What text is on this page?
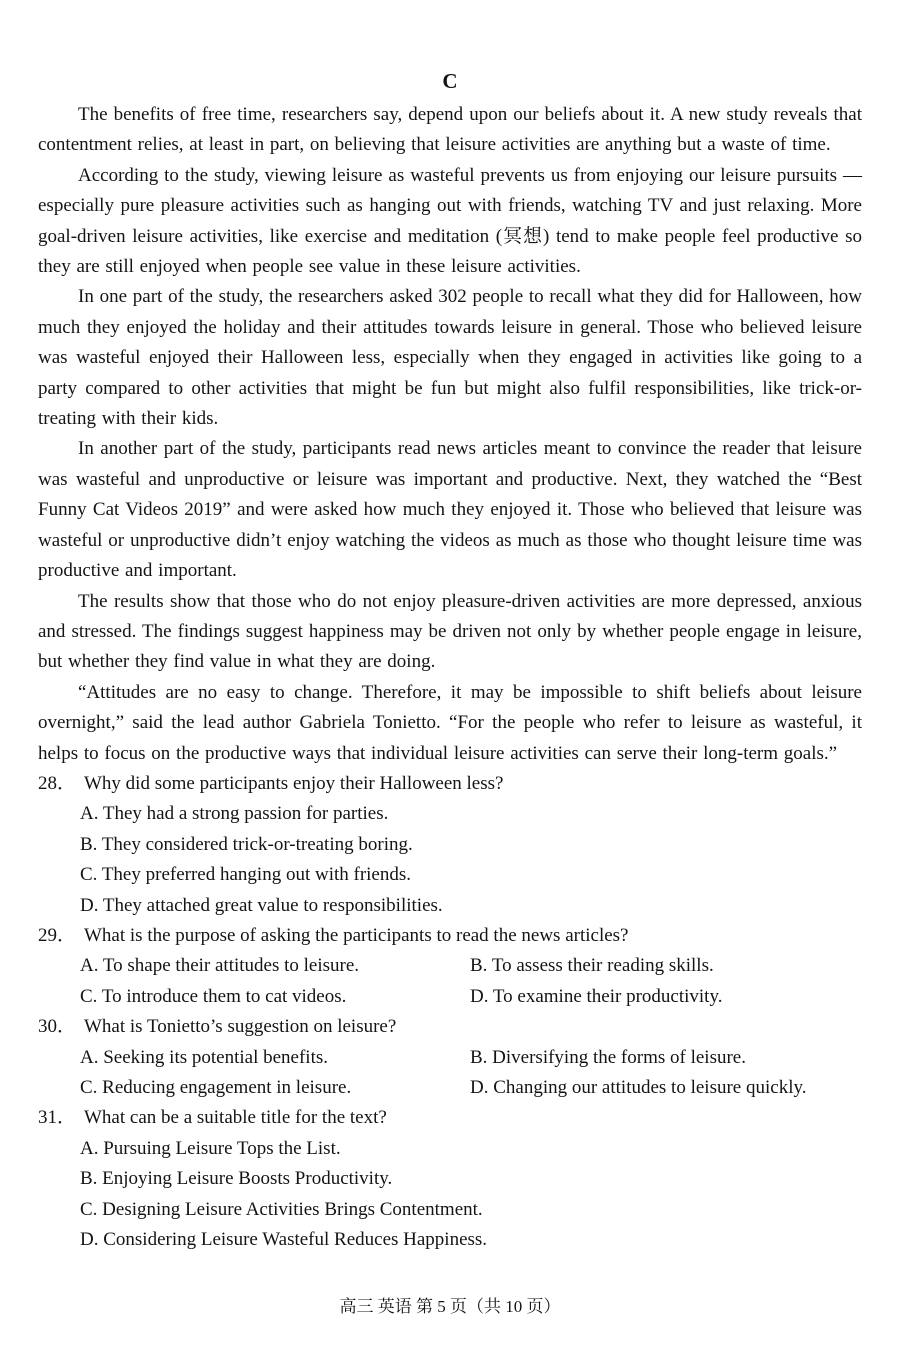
C

The benefits of free time, researchers say, depend upon our beliefs about it. A new study reveals that contentment relies, at least in part, on believing that leisure activities are anything but a waste of time.

According to the study, viewing leisure as wasteful prevents us from enjoying our leisure pursuits — especially pure pleasure activities such as hanging out with friends, watching TV and just relaxing. More goal-driven leisure activities, like exercise and meditation (冥想) tend to make people feel productive so they are still enjoyed when people see value in these leisure activities.

In one part of the study, the researchers asked 302 people to recall what they did for Halloween, how much they enjoyed the holiday and their attitudes towards leisure in general. Those who believed leisure was wasteful enjoyed their Halloween less, especially when they engaged in activities like going to a party compared to other activities that might be fun but might also fulfil responsibilities, like trick-or-treating with their kids.

In another part of the study, participants read news articles meant to convince the reader that leisure was wasteful and unproductive or leisure was important and productive. Next, they watched the “Best Funny Cat Videos 2019” and were asked how much they enjoyed it. Those who believed that leisure was wasteful or unproductive didn’t enjoy watching the videos as much as those who thought leisure time was productive and important.

The results show that those who do not enjoy pleasure-driven activities are more depressed, anxious and stressed. The findings suggest happiness may be driven not only by whether people engage in leisure, but whether they find value in what they are doing.

“Attitudes are no easy to change. Therefore, it may be impossible to shift beliefs about leisure overnight,” said the lead author Gabriela Tonietto. “For the people who refer to leisure as wasteful, it helps to focus on the productive ways that individual leisure activities can serve their long-term goals.”

28． Why did some participants enjoy their Halloween less?
A. They had a strong passion for parties.
B. They considered trick-or-treating boring.
C. They preferred hanging out with friends.
D. They attached great value to responsibilities.
29． What is the purpose of asking the participants to read the news articles?
A. To shape their attitudes to leisure.	B. To assess their reading skills.
C. To introduce them to cat videos.	D. To examine their productivity.
30． What is Tonietto’s suggestion on leisure?
A. Seeking its potential benefits.	B. Diversifying the forms of leisure.
C. Reducing engagement in leisure.	D. Changing our attitudes to leisure quickly.
31． What can be a suitable title for the text?
A. Pursuing Leisure Tops the List.
B. Enjoying Leisure Boosts Productivity.
C. Designing Leisure Activities Brings Contentment.
D. Considering Leisure Wasteful Reduces Happiness.
高三 英语 第 5 页（共 10 页）
